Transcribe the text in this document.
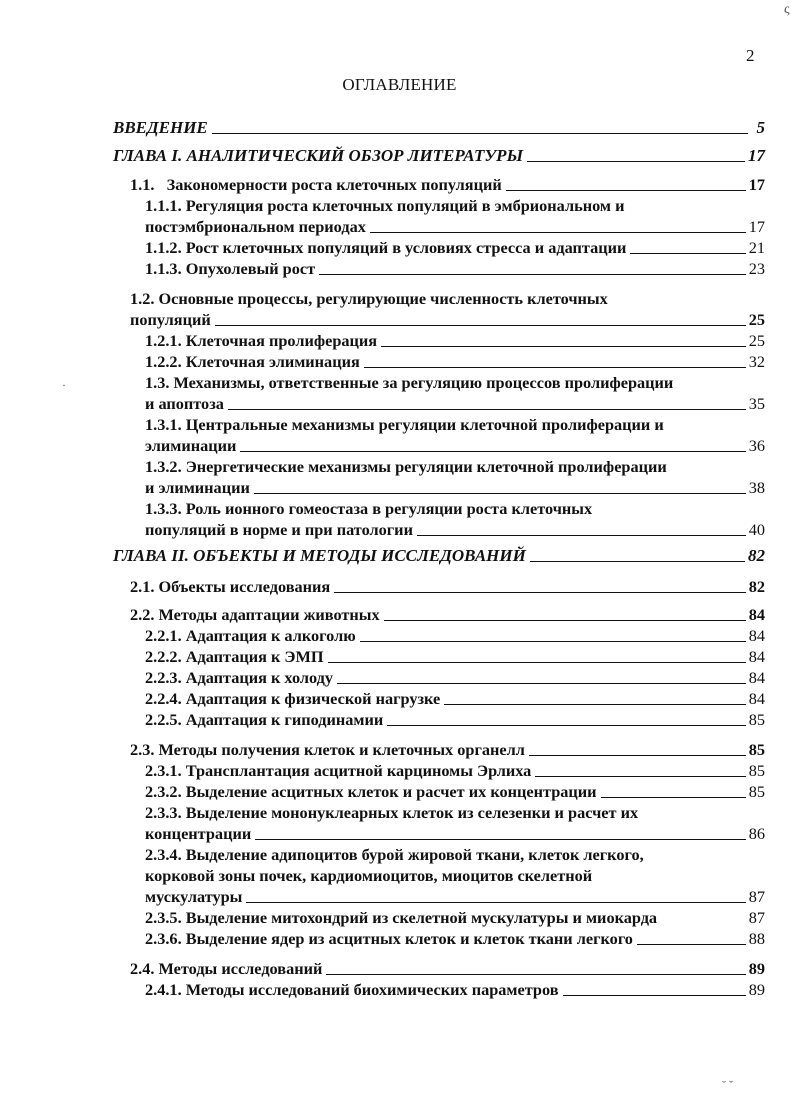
2
ς
·
˘ ˇ
ОГЛАВЛЕНИЕ
ВВЕДЕНИЕ	5
ГЛАВА I. АНАЛИТИЧЕСКИЙ ОБЗОР ЛИТЕРАТУРЫ	17
1.1.   Закономерности роста клеточных популяций	17
1.1.1. Регуляция роста клеточных популяций в эмбриональном и
постэмбриональном периодах	17
1.1.2. Рост клеточных популяций в условиях стресса и адаптации	21
1.1.3. Опухолевый рост	23
1.2. Основные процессы, регулирующие численность клеточных
популяций	25
1.2.1. Клеточная пролиферация	25
1.2.2. Клеточная элиминация	32
1.3. Механизмы, ответственные за регуляцию процессов пролиферации
и апоптоза	35
1.3.1. Центральные механизмы регуляции клеточной пролиферации и
элиминации	36
1.3.2. Энергетические механизмы регуляции клеточной пролиферации
и элиминации	38
1.3.3. Роль ионного гомеостаза в регуляции роста клеточных
популяций в норме и при патологии	40
ГЛАВА II. ОБЪЕКТЫ И МЕТОДЫ ИССЛЕДОВАНИЙ	82
2.1. Объекты исследования	82
2.2. Методы адаптации животных	84
2.2.1. Адаптация к алкоголю	84
2.2.2. Адаптация к ЭМП	84
2.2.3. Адаптация к холоду	84
2.2.4. Адаптация к физической нагрузке	84
2.2.5. Адаптация к гиподинамии	85
2.3. Методы получения клеток и клеточных органелл	85
2.3.1. Трансплантация асцитной карциномы Эрлиха	85
2.3.2. Выделение асцитных клеток и расчет их концентрации	85
2.3.3. Выделение мононуклеарных клеток из селезенки и расчет их
концентрации	86
2.3.4. Выделение адипоцитов бурой жировой ткани, клеток легкого,
корковой зоны почек, кардиомиоцитов, миоцитов скелетной
мускулатуры	87
2.3.5. Выделение митохондрий из скелетной мускулатуры и миокарда	87
2.3.6. Выделение ядер из асцитных клеток и клеток ткани легкого	88
2.4. Методы исследований	89
2.4.1. Методы исследований биохимических параметров	89
